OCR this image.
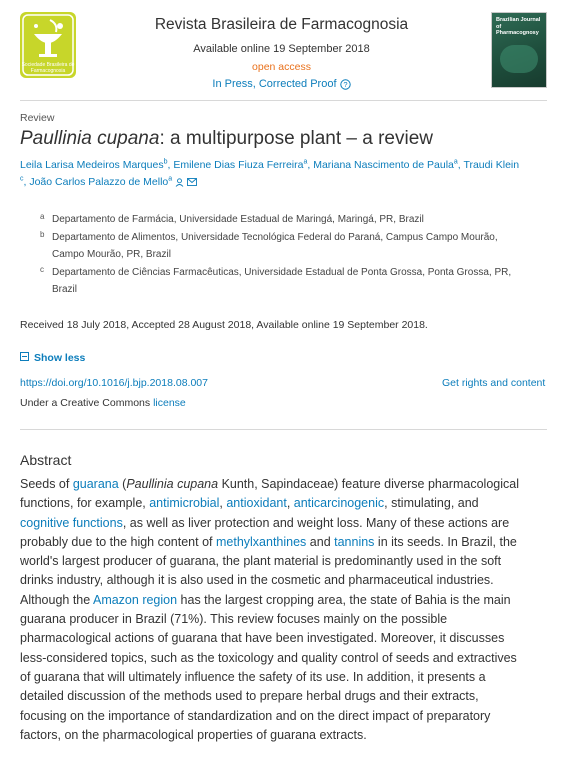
Sociedade Brasileira de Farmacognosia
Revista Brasileira de Farmacognosia
Available online 19 September 2018
open access
In Press, Corrected Proof ?
Brazilian Journal of Pharmacognosy
Review
Paullinia cupana: a multipurpose plant – a review
Leila Larisa Medeiros Marques$^b$, Emilene Dias Fiuza Ferreira$^a$, Mariana Nascimento de Paula$^a$, Traudi Klein
$^c$, João Carlos Palazzo de Mello$^a$
a Departamento de Farmácia, Universidade Estadual de Maringá, Maringá, PR, Brazil
b Departamento de Alimentos, Universidade Tecnológica Federal do Paraná, Campus Campo Mourão,
Campo Mourão, PR, Brazil
c Departamento de Ciências Farmacêuticas, Universidade Estadual de Ponta Grossa, Ponta Grossa, PR,
Brazil
Received 18 July 2018, Accepted 28 August 2018, Available online 19 September 2018.
Show less
https://doi.org/10.1016/j.bjp.2018.08.007	Get rights and content
Under a Creative Commons license
Abstract
Seeds of guarana (Paullinia cupana Kunth, Sapindaceae) feature diverse pharmacological
functions, for example, antimicrobial, antioxidant, anticarcinogenic, stimulating, and
cognitive functions, as well as liver protection and weight loss. Many of these actions are
probably due to the high content of methylxanthines and tannins in its seeds. In Brazil, the
world's largest producer of guarana, the plant material is predominantly used in the soft
drinks industry, although it is also used in the cosmetic and pharmaceutical industries.
Although the Amazon region has the largest cropping area, the state of Bahia is the main
guarana producer in Brazil (71%). This review focuses mainly on the possible
pharmacological actions of guarana that have been investigated. Moreover, it discusses
less-considered topics, such as the toxicology and quality control of seeds and extractives
of guarana that will ultimately influence the safety of its use. In addition, it presents a
detailed discussion of the methods used to prepare herbal drugs and their extracts,
focusing on the importance of standardization and on the direct impact of preparatory
factors, on the pharmacological properties of guarana extracts.
